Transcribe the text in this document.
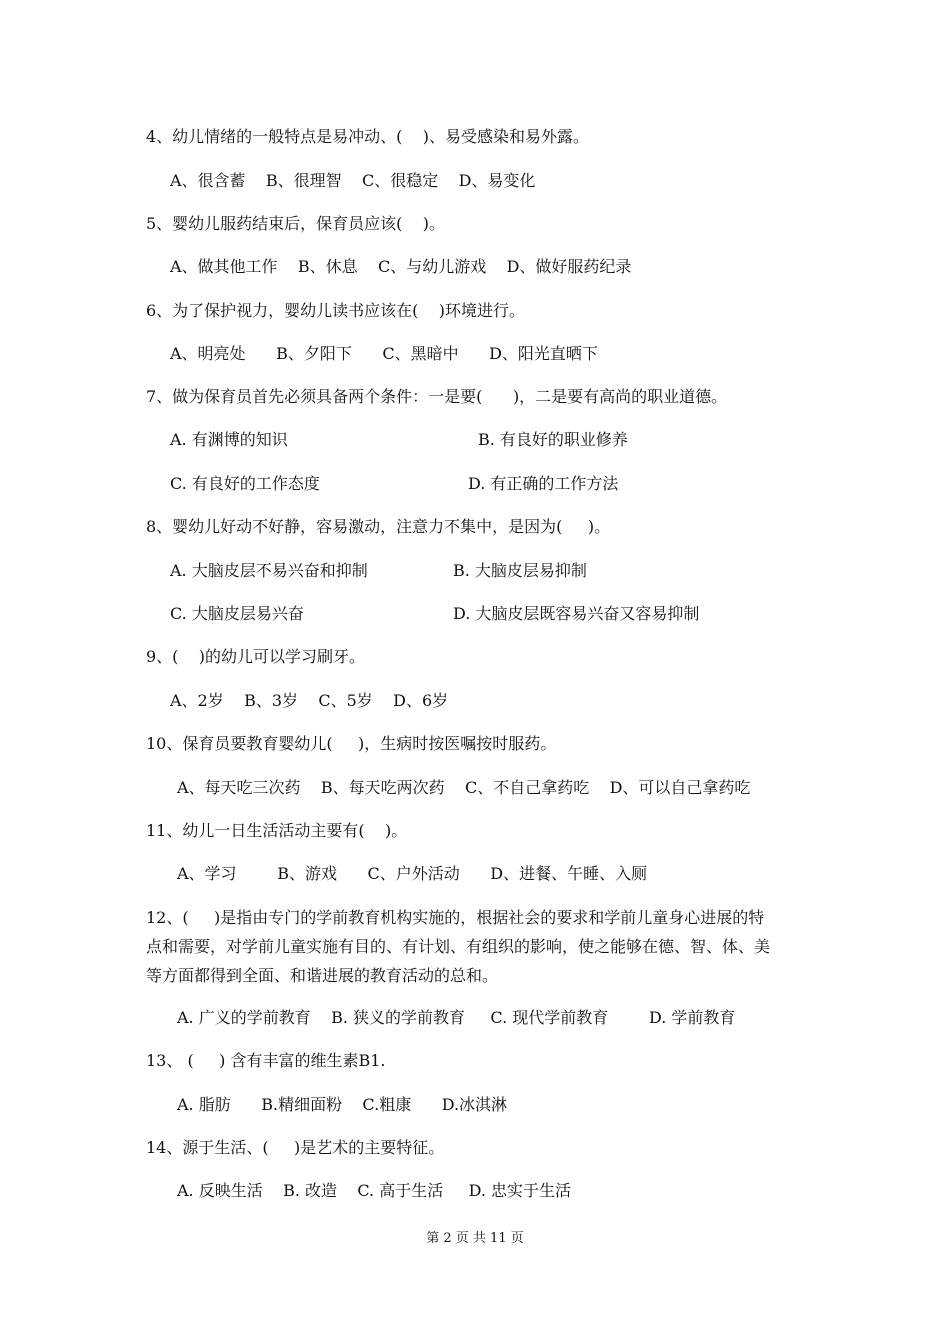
4、幼儿情绪的一般特点是易冲动、(    )、易受感染和易外露。
A、很含蓄    B、很理智    C、很稳定    D、易变化
5、婴幼儿服药结束后，保育员应该(    )。
A、做其他工作    B、休息    C、与幼儿游戏    D、做好服药纪录
6、为了保护视力，婴幼儿读书应该在(    )环境进行。
A、明亮处      B、夕阳下      C、黑暗中      D、阳光直晒下
7、做为保育员首先必须具备两个条件：一是要(      )，二是要有高尚的职业道德。
A. 有渊博的知识	B. 有良好的职业修养
C. 有良好的工作态度	D. 有正确的工作方法
8、婴幼儿好动不好静，容易激动，注意力不集中，是因为(     )。
A. 大脑皮层不易兴奋和抑制	B. 大脑皮层易抑制
C. 大脑皮层易兴奋	D. 大脑皮层既容易兴奋又容易抑制
9、(    )的幼儿可以学习刷牙。
A、2岁    B、3岁    C、5岁    D、6岁
10、保育员要教育婴幼儿(     )，生病时按医嘱按时服药。
A、每天吃三次药    B、每天吃两次药    C、不自己拿药吃    D、可以自己拿药吃
11、幼儿一日生活活动主要有(    )。
A、学习        B、游戏      C、户外活动      D、进餐、午睡、入厕
12、(     )是指由专门的学前教育机构实施的，根据社会的要求和学前儿童身心进展的特
点和需要，对学前儿童实施有目的、有计划、有组织的影响，使之能够在德、智、体、美
等方面都得到全面、和谐进展的教育活动的总和。
A. 广义的学前教育    B. 狭义的学前教育     C. 现代学前教育        D. 学前教育
13、 (     ) 含有丰富的维生素B1.
A. 脂肪      B.精细面粉    C.粗康      D.冰淇淋
14、源于生活、(     )是艺术的主要特征。
A. 反映生活    B. 改造    C. 高于生活     D. 忠实于生活
第 2 页 共 11 页
